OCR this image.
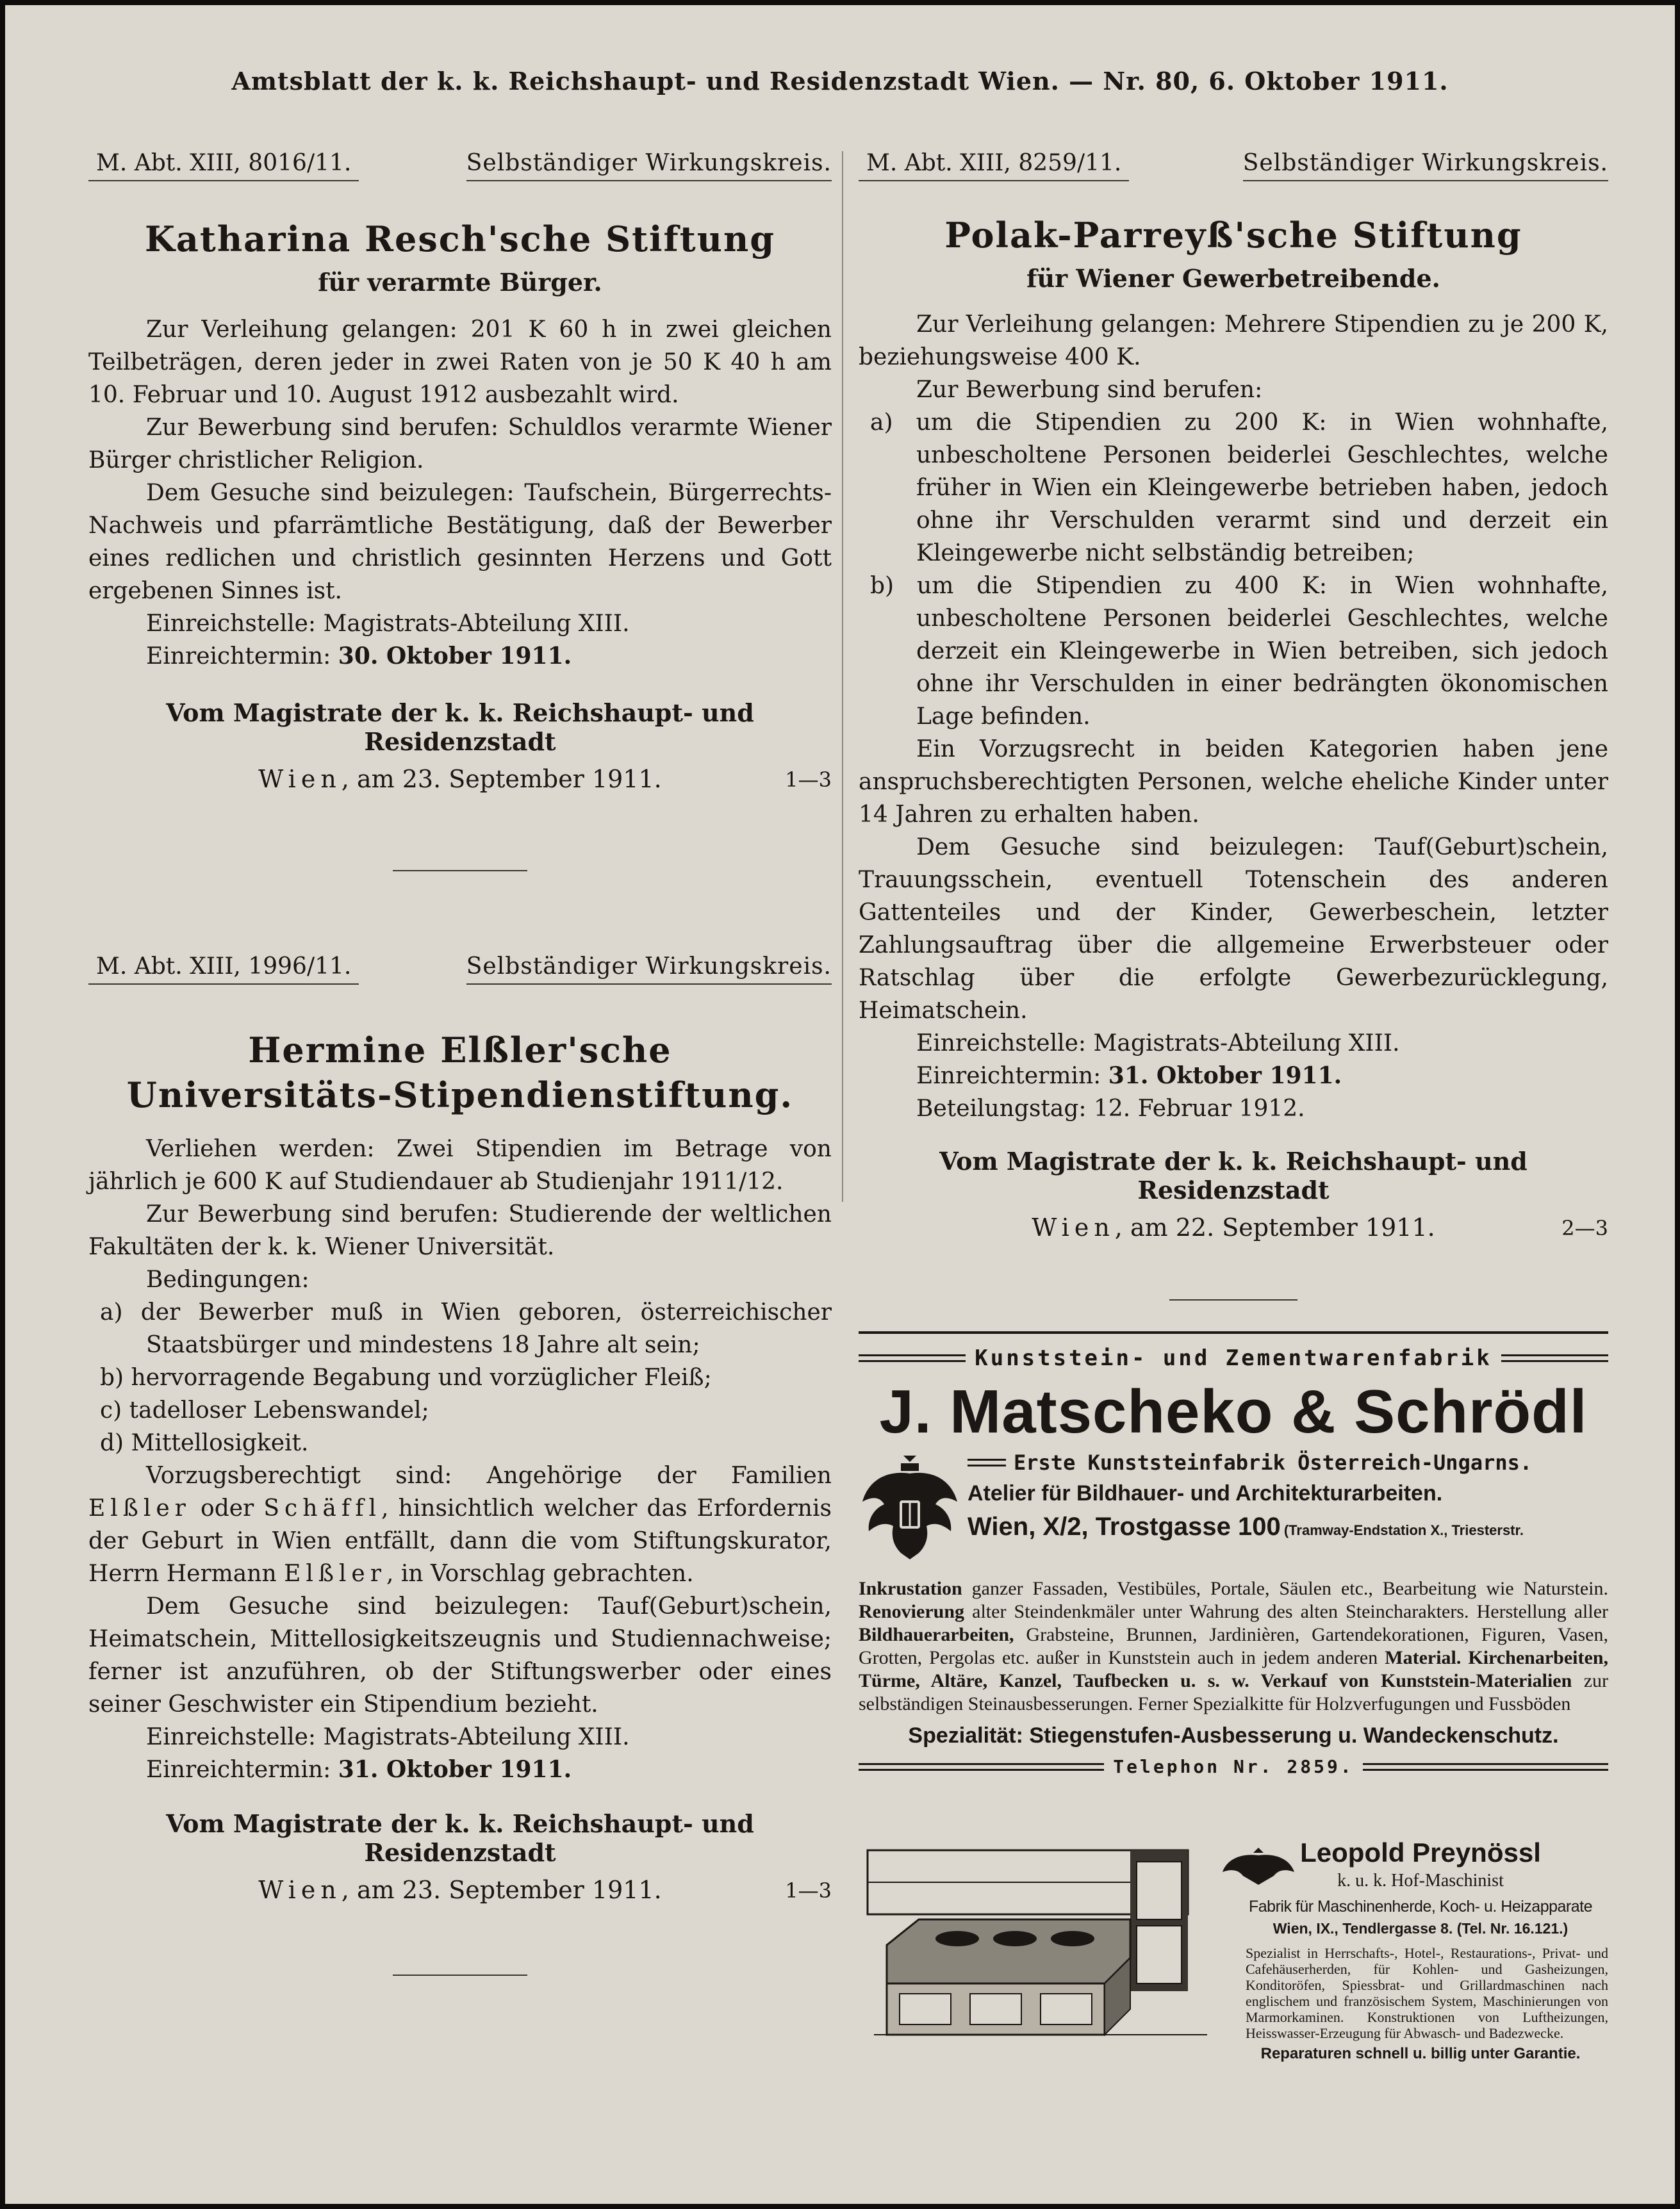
Amtsblatt der k. k. Reichshaupt- und Residenzstadt Wien. — Nr. 80, 6. Oktober 1911.
M. Abt. XIII, 8016/11.	Selbständiger Wirkungskreis.
Katharina Resch'sche Stiftung
für verarmte Bürger.

Zur Verleihung gelangen: 201 K 60 h in zwei gleichen Teilbeträgen, deren jeder in zwei Raten von je 50 K 40 h am 10. Februar und 10. August 1912 ausbezahlt wird.

Zur Bewerbung sind berufen: Schuldlos verarmte Wiener Bürger christlicher Religion.

Dem Gesuche sind beizulegen: Taufschein, Bürgerrechts-Nachweis und pfarrämtliche Bestätigung, daß der Bewerber eines redlichen und christlich gesinnten Herzens und Gott ergebenen Sinnes ist.

Einreichstelle: Magistrats-Abteilung XIII.

Einreichtermin: 30. Oktober 1911.

Vom Magistrate der k. k. Reichshaupt- und Residenzstadt
Wien, am 23. September 1911.	1—3
M. Abt. XIII, 1996/11.	Selbständiger Wirkungskreis.
Hermine Elßler'sche Universitäts-Stipendienstiftung.

Verliehen werden: Zwei Stipendien im Betrage von jährlich je 600 K auf Studiendauer ab Studienjahr 1911/12.

Zur Bewerbung sind berufen: Studierende der weltlichen Fakultäten der k. k. Wiener Universität.

Bedingungen:

a) der Bewerber muß in Wien geboren, österreichischer Staatsbürger und mindestens 18 Jahre alt sein;
b) hervorragende Begabung und vorzüglicher Fleiß;
c) tadelloser Lebenswandel;
d) Mittellosigkeit.

Vorzugsberechtigt sind: Angehörige der Familien Elßler oder Schäffl, hinsichtlich welcher das Erfordernis der Geburt in Wien entfällt, dann die vom Stiftungskurator, Herrn Hermann Elßler, in Vorschlag gebrachten.

Dem Gesuche sind beizulegen: Tauf(Geburt)schein, Heimatschein, Mittellosigkeitszeugnis und Studiennachweise; ferner ist anzuführen, ob der Stiftungswerber oder eines seiner Geschwister ein Stipendium bezieht.

Einreichstelle: Magistrats-Abteilung XIII.

Einreichtermin: 31. Oktober 1911.

Vom Magistrate der k. k. Reichshaupt- und Residenzstadt
Wien, am 23. September 1911.	1—3
M. Abt. XIII, 8259/11.	Selbständiger Wirkungskreis.
Polak-Parreyß'sche Stiftung
für Wiener Gewerbetreibende.

Zur Verleihung gelangen: Mehrere Stipendien zu je 200 K, beziehungsweise 400 K.

Zur Bewerbung sind berufen:

a) um die Stipendien zu 200 K: in Wien wohnhafte, unbescholtene Personen beiderlei Geschlechtes, welche früher in Wien ein Kleingewerbe betrieben haben, jedoch ohne ihr Verschulden verarmt sind und derzeit ein Kleingewerbe nicht selbständig betreiben;
b) um die Stipendien zu 400 K: in Wien wohnhafte, unbescholtene Personen beiderlei Geschlechtes, welche derzeit ein Kleingewerbe in Wien betreiben, sich jedoch ohne ihr Verschulden in einer bedrängten ökonomischen Lage befinden.

Ein Vorzugsrecht in beiden Kategorien haben jene anspruchsberechtigten Personen, welche eheliche Kinder unter 14 Jahren zu erhalten haben.

Dem Gesuche sind beizulegen: Tauf(Geburt)schein, Trauungsschein, eventuell Totenschein des anderen Gattenteiles und der Kinder, Gewerbeschein, letzter Zahlungsauftrag über die allgemeine Erwerbsteuer oder Ratschlag über die erfolgte Gewerbezurücklegung, Heimatschein.

Einreichstelle: Magistrats-Abteilung XIII.

Einreichtermin: 31. Oktober 1911.

Beteilungstag: 12. Februar 1912.

Vom Magistrate der k. k. Reichshaupt- und Residenzstadt
Wien, am 22. September 1911.	2—3
Kunststein- und Zementwarenfabrik
J. Matscheko & Schrödl
Erste Kunststeinfabrik Österreich-Ungarns.
Atelier für Bildhauer- und Architekturarbeiten.
Wien, X/2, Trostgasse 100 (Tramway-Endstation X., Triesterstr.
Inkrustation ganzer Fassaden, Vestibüles, Portale, Säulen etc., Bearbeitung wie Naturstein. Renovierung alter Steindenkmäler unter Wahrung des alten Steincharakters. Herstellung aller Bildhauerarbeiten, Grabsteine, Brunnen, Jardinièren, Gartendekorationen, Figuren, Vasen, Grotten, Pergolas etc. außer in Kunststein auch in jedem anderen Material. Kirchenarbeiten, Türme, Altäre, Kanzel, Taufbecken u. s. w. Verkauf von Kunststein-Materialien zur selbständigen Steinausbesserungen. Ferner Spezialkitte für Holzverfugungen und Fussböden
Spezialität: Stiegenstufen-Ausbesserung u. Wandeckenschutz.
Telephon Nr. 2859.
Leopold Preynössl
k. u. k. Hof-Maschinist
Fabrik für Maschinenherde, Koch- u. Heizapparate
Wien, IX., Tendlergasse 8. (Tel. Nr. 16.121.)
Spezialist in Herrschafts-, Hotel-, Restaurations-, Privat- und Cafehäuserherden, für Kohlen- und Gasheizungen, Konditoröfen, Spiessbrat- und Grillardmaschinen nach englischem und französischem System, Maschinierungen von Marmorkaminen. Konstruktionen von Luftheizungen, Heisswasser-Erzeugung für Abwasch- und Badezwecke.
Reparaturen schnell u. billig unter Garantie.
